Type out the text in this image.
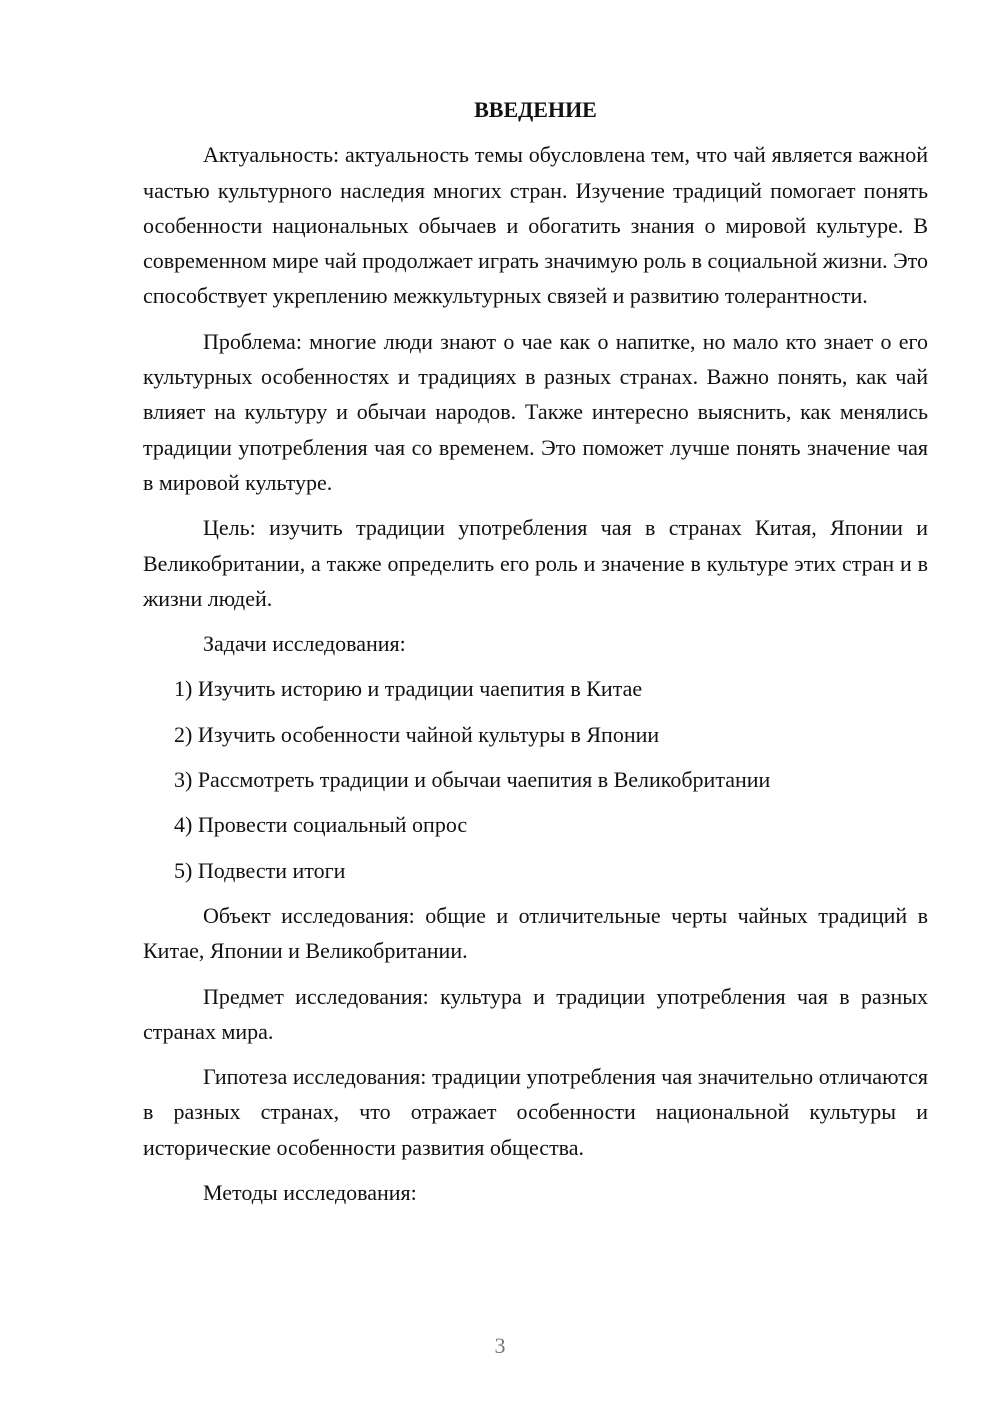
ВВЕДЕНИЕ

Актуальность: актуальность темы обусловлена тем, что чай является важной частью культурного наследия многих стран. Изучение традиций помогает понять особенности национальных обычаев и обогатить знания о мировой культуре. В современном мире чай продолжает играть значимую роль в социальной жизни. Это способствует укреплению межкультурных связей и развитию толерантности.

Проблема: многие люди знают о чае как о напитке, но мало кто знает о его культурных особенностях и традициях в разных странах. Важно понять, как чай влияет на культуру и обычаи народов. Также интересно выяснить, как менялись традиции употребления чая со временем. Это поможет лучше понять значение чая в мировой культуре.

Цель: изучить традиции употребления чая в странах Китая, Японии и Великобритании, а также определить его роль и значение в культуре этих стран и в жизни людей.

Задачи исследования:

1) Изучить историю и традиции чаепития в Китае
2) Изучить особенности чайной культуры в Японии
3) Рассмотреть традиции и обычаи чаепития в Великобритании
4) Провести социальный опрос
5) Подвести итоги

Объект исследования: общие и отличительные черты чайных традиций в Китае, Японии и Великобритании.

Предмет исследования: культура и традиции употребления чая в разных странах мира.

Гипотеза исследования: традиции употребления чая значительно отличаются в разных странах, что отражает особенности национальной культуры и исторические особенности развития общества.

Методы исследования:

3
